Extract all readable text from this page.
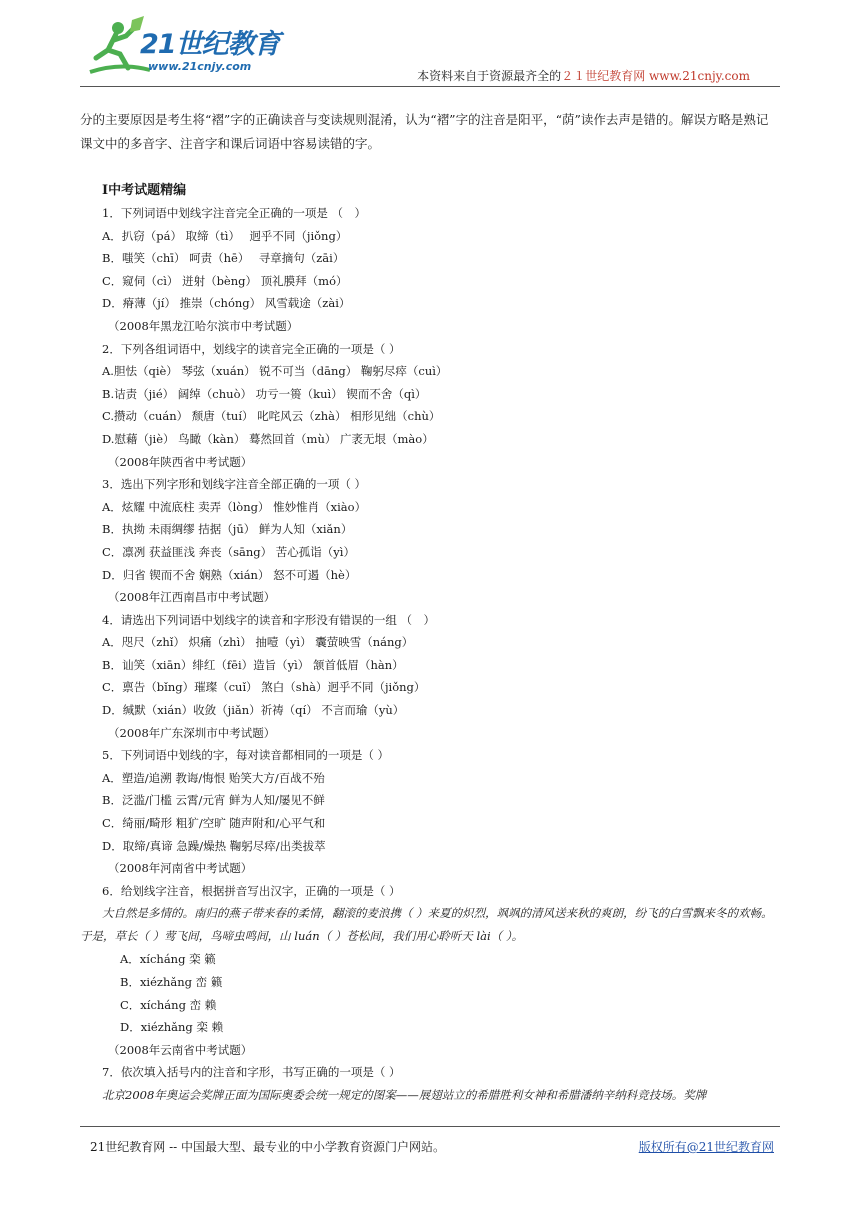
21世纪教育
www.21cnjy.com
本资料来自于资源最齐全的２１世纪教育网 www.21cnjy.com

分的主要原因是考生将“褶”字的正确读音与变读规则混淆，认为“褶”字的注音是阳平，“荫”读作去声是错的。解误方略是熟记课文中的多音字、注音字和课后词语中容易读错的字。

Ⅰ中考试题精编
1．下列词语中划线字注音完全正确的一项是 （　）
A．扒窃（pá） 取缔（tì）　 迥乎不同（jiǒng）
B．嗤笑（chī） 呵责（hē）　 寻章摘句（zāi）
C．窥伺（cì） 迸射（bèng） 顶礼膜拜（mó）
D．瘠薄（jí） 推崇（chóng） 风雪载途（zài）
（2008年黑龙江哈尔滨市中考试题）
2．下列各组词语中，划线字的读音完全正确的一项是（ ）
A.胆怯（qiè） 琴弦（xuán） 锐不可当（dāng） 鞠躬尽瘁（cuì）
B.诘责（jié） 阔绰（chuò） 功亏一篑（kuì） 锲而不舍（qì）
C.攒动（cuán） 颓唐（tuí） 叱咤风云（zhà） 相形见绌（chù）
D.慰藉（jiè） 鸟瞰（kàn） 蓦然回首（mù） 广袤无垠（mào）
（2008年陕西省中考试题）
3．选出下列字形和划线字注音全部正确的一项（ ）
A．炫耀 中流底柱 卖弄（lòng） 惟妙惟肖（xiào）
B．执拗 未雨绸缪 拮据（jū） 鲜为人知（xiǎn）
C．凛冽 获益匪浅 奔丧（sāng） 苦心孤诣（yì）
D．归省 锲而不舍 娴熟（xián） 怒不可遏（hè）
（2008年江西南昌市中考试题）
4．请选出下列词语中划线字的读音和字形没有错误的一组 （　）
A．咫尺（zhǐ） 炽痛（zhì） 抽噎（yì） 囊萤映雪（náng）
B．讪笑（xiān）绯红（fēi）造旨（yì） 颔首低眉（hàn）
C．禀告（bǐng）璀璨（cuǐ） 煞白（shà）迥乎不同（jiǒng）
D．缄默（xián）收敛（jiǎn）祈祷（qí） 不言而瑜（yù）
（2008年广东深圳市中考试题）
5．下列词语中划线的字，每对读音都相同的一项是（ ）
A．塑造/追溯 教诲/悔恨 贻笑大方/百战不殆
B．泛滥/门槛 云霄/元宵 鲜为人知/屡见不鲜
C．绮丽/畸形 粗犷/空旷 随声附和/心平气和
D．取缔/真谛 急躁/燥热 鞠躬尽瘁/出类拔萃
（2008年河南省中考试题）
6．给划线字注音，根据拼音写出汉字，正确的一项是（ ）
大自然是多情的。南归的燕子带来春的柔情，翻滚的麦浪携（ ）来夏的炽烈，飒飒的清风送来秋的爽朗，纷飞的白雪飘来冬的欢畅。于是，草长（ ）莺飞间，鸟啼虫鸣间，山 luán（ ）苍松间，我们用心聆听天 lài（ ）。
A．xícháng 栾 籁
B．xiézhǎng 峦 籁
C．xícháng 峦 赖
D．xiézhǎng 栾 赖
（2008年云南省中考试题）
7．依次填入括号内的注音和字形，书写正确的一项是（ ）
北京2008年奥运会奖牌正面为国际奥委会统一规定的图案——展翅站立的希腊胜利女神和希腊潘纳辛纳科竞技场。奖牌
21世纪教育网 -- 中国最大型、最专业的中小学教育资源门户网站。	版权所有@21世纪教育网
